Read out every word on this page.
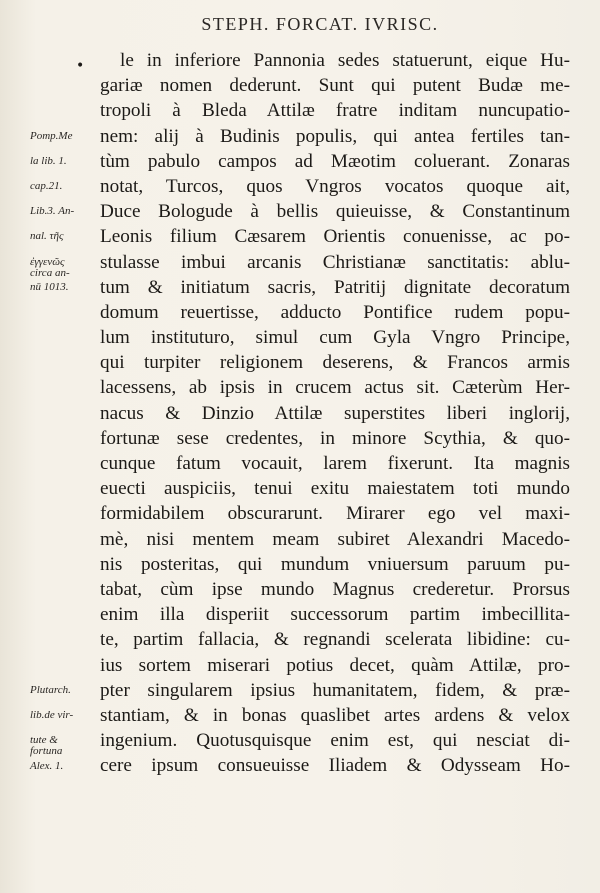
STEPH. FORCAT. IVRISC.
•
Pomp.Me
la lib. 1.
cap.21.
Lib.3. An-
nal. τῆς
ἐγγενῶς
circa an-
nū 1013.
Plutarch.
lib.de vir-
tute &
fortuna
Alex. 1.
le in inferiore Pannonia sedes statuerunt, eique Hu-
gariæ nomen dederunt. Sunt qui putent Budæ me-
tropoli à Bleda Attilæ fratre inditam nuncupatio-
nem: alij à Budinis populis, qui antea fertiles tan-
tùm pabulo campos ad Mæotim coluerant. Zonaras
notat, Turcos, quos Vngros vocatos quoque ait,
Duce Bologude à bellis quieuisse, & Constantinum
Leonis filium Cæsarem Orientis conuenisse, ac po-
stulasse imbui arcanis Christianæ sanctitatis: ablu-
tum & initiatum sacris, Patritij dignitate decoratum
domum reuertisse, adducto Pontifice rudem popu-
lum instituturo, simul cum Gyla Vngro Principe,
qui turpiter religionem deserens, & Francos armis
lacessens, ab ipsis in crucem actus sit. Cæterùm Her-
nacus & Dinzio Attilæ superstites liberi inglorij,
fortunæ sese credentes, in minore Scythia, & quo-
cunque fatum vocauit, larem fixerunt. Ita magnis
eueсti auspiciis, tenui exitu maiestatem toti mundo
formidabilem obscurarunt. Mirarer ego vel maxi-
mè, nisi mentem meam subiret Alexandri Macedo-
nis posteritas, qui mundum vniuersum paruum pu-
tabat, cùm ipse mundo Magnus crederetur. Prorsus
enim illa disperiit successorum partim imbecillita-
te, partim fallacia, & regnandi scelerata libidine: cu-
ius sortem miserari potius decet, quàm Attilæ, pro-
pter singularem ipsius humanitatem, fidem, & præ-
stantiam, & in bonas quaslibet artes ardens & velox
ingenium. Quotusquisque enim est, qui nesciat di-
cere ipsum consueuisse Iliadem & Odysseam Ho-
